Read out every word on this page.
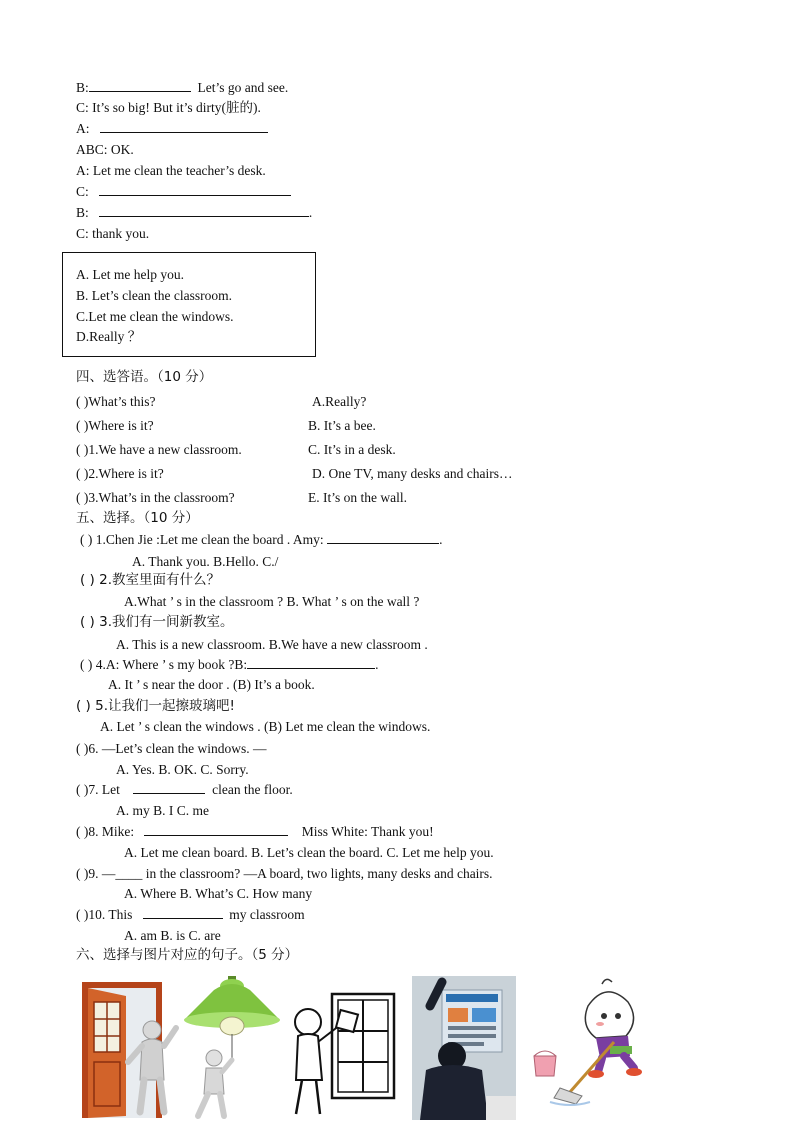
B:	Let’s go and see.
C: It’s so big! But it’s dirty(脏的).
A:
ABC: OK.
A: Let me clean the teacher’s desk.
C:
B:	.
C: thank you.
A. Let me help you.
B. Let’s clean the classroom.
C.Let me clean the windows.
D.Really ？
四、选答语。（10 分）
( )What’s this?	A.Really?
( )Where is it?	B. It’s a bee.
( )1.We have a new classroom.	C. It’s in a desk.
( )2.Where is it?	D. One TV, many desks and chairs…
( )3.What’s in the classroom?	E. It’s on the wall.
五、选择。（10 分）
( ) 1.Chen Jie :Let me clean the board . Amy:	.
A. Thank you. B.Hello. C./
( ) 2.教室里面有什么？
A.What ’ s in the classroom ? B. What ’ s on the wall ?
( ) 3.我们有一间新教室。
A. This is a new classroom. B.We have a new classroom .
( ) 4.A: Where ’ s my book ?B:	.
A. It ’ s near the door . (B) It’s a book.
( ) 5.让我们一起擦玻璃吧!
A. Let ’ s clean the windows . (B) Let me clean the windows.
( )6. —Let’s clean the windows. —
A. Yes. B. OK. C. Sorry.
( )7. Let	clean the floor.
A. my B. I C. me
( )8. Mike:	Miss White: Thank you!
A. Let me clean board. B. Let’s clean the board. C. Let me help you.
( )9. —____ in the classroom? —A board, two lights, many desks and chairs.
A. Where B. What’s C. How many
( )10. This	my classroom
A. am B. is C. are
六、选择与图片对应的句子。（5 分）
